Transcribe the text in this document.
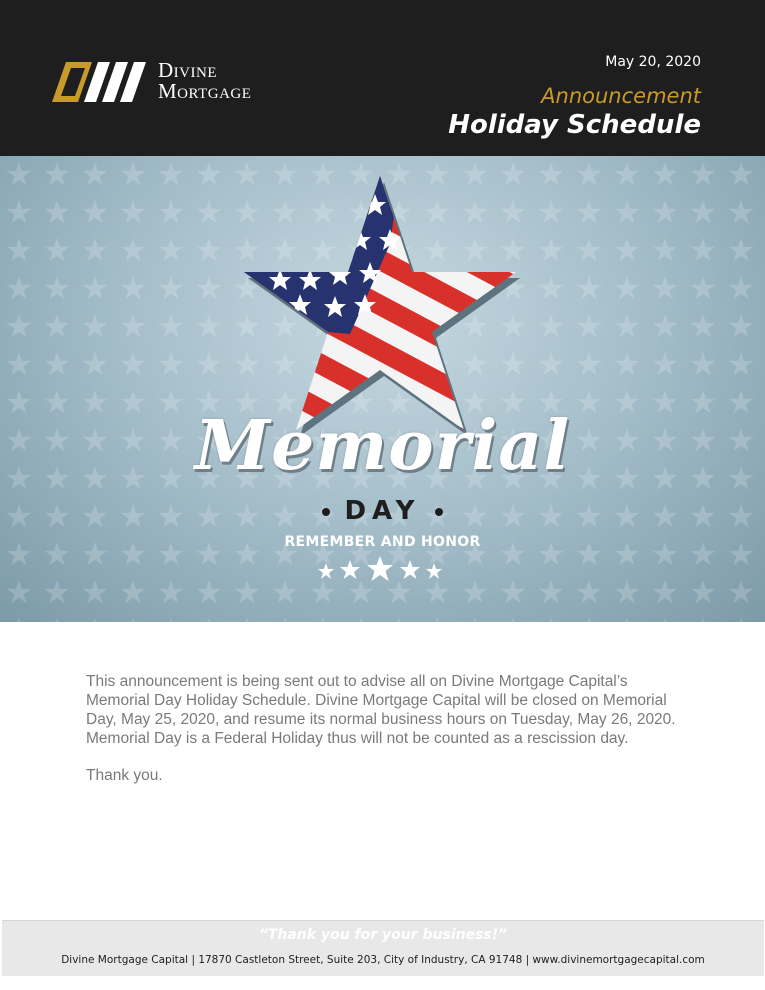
Divine
Mortgage
May 20, 2020
Announcement
Holiday Schedule
Memorial
DAY
REMEMBER AND HONOR

This announcement is being sent out to advise all on Divine Mortgage Capital’s Memorial Day Holiday Schedule. Divine Mortgage Capital will be closed on Memorial Day, May 25, 2020, and resume its normal business hours on Tuesday, May 26, 2020. Memorial Day is a Federal Holiday thus will not be counted as a rescission day.

Thank you.

“Thank you for your business!”
Divine Mortgage Capital | 17870 Castleton Street, Suite 203, City of Industry, CA 91748 | www.divinemortgagecapital.com
